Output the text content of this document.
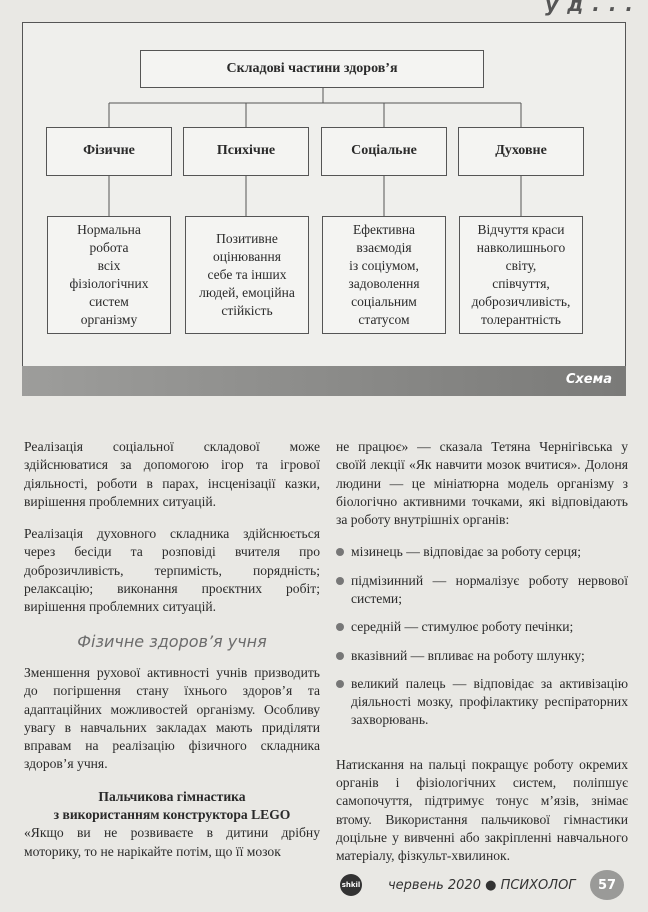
у д . . .
Складові частини здоров’я
Фізичне	Психічне	Соціальне	Духовне
Нормальна
робота
всіх
фізіологічних
систем
організму
Позитивне
оцінювання
себе та інших
людей, емоційна
стійкість
Ефективна
взаємодія
із соціумом,
задоволення
соціальним
статусом
Відчуття краси
навколишнього
світу,
співчуття,
доброзичливість,
толерантність
Схема

Реалізація соціальної складової може здійснюватися за допомогою ігор та ігрової діяльності, роботи в парах, інсценізації казки, вирішення проблемних ситуацій.

Реалізація духовного складника здійснюється через бесіди та розповіді вчителя про доброзичливість, терпимість, порядність; релаксацію; виконання проєктних робіт; вирішення проблемних ситуацій.

Фізичне здоров’я учня

Зменшення рухової активності учнів призводить до погіршення стану їхнього здоров’я та адаптаційних можливостей організму. Особливу увагу в навчальних закладах мають приділяти вправам на реалізацію фізичного складника здоров’я учня.

Пальчикова гімнастика

з використанням конструктора LEGO

«Якщо ви не розвиваєте в дитини дрібну моторику, то не нарікайте потім, що її мозок

не працює» — сказала Тетяна Чернігівська у своїй лекції «Як навчити мозок вчитися». Долоня людини — це мініатюрна модель організму з біологічно активними точками, які відповідають за роботу внутрішніх органів:

мізинець — відповідає за роботу серця;

підмізинний — нормалізує роботу нервової системи;

середній — стимулює роботу печінки;

вказівний — впливає на роботу шлунку;

великий палець — відповідає за активізацію діяльності мозку, профілактику респіраторних захворювань.

Натискання на пальці покращує роботу окремих органів і фізіологічних систем, поліпшує самопочуття, підтримує тонус м’язів, знімає втому. Використання пальчикової гімнастики доцільне у вивченні або закріпленні навчального матеріалу, фізкульт-хвилинок.

shkil червень 2020 ● ПСИХОЛОГ	57
